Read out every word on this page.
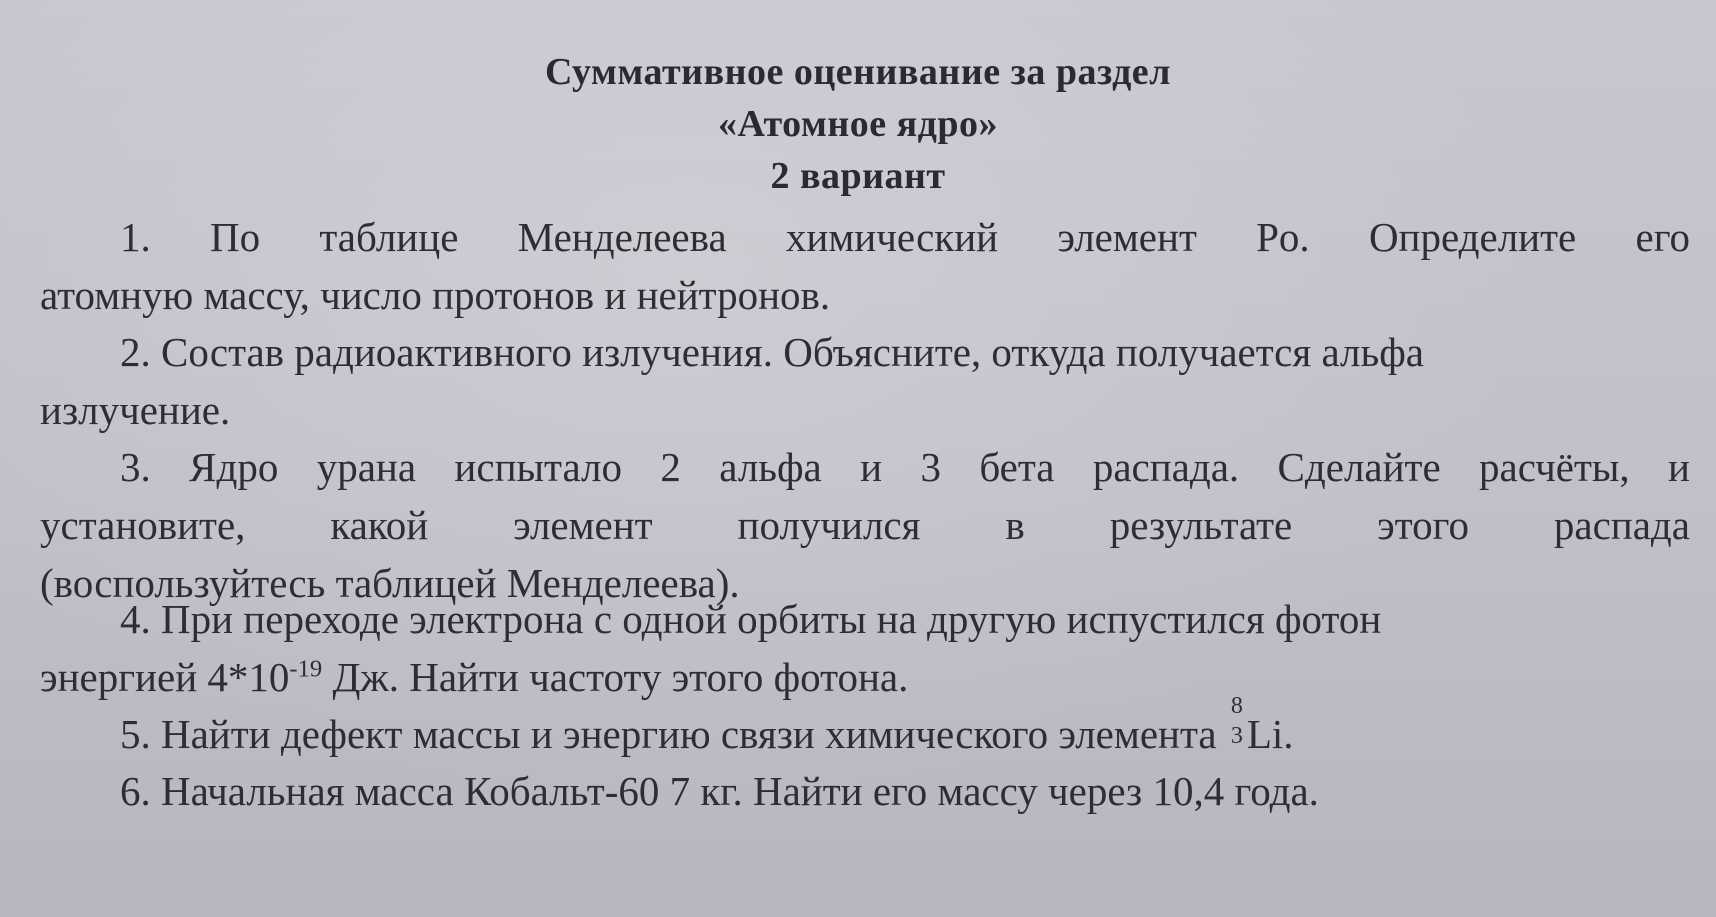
Суммативное оценивание за раздел
«Атомное ядро»
2 вариант
1. По таблице Менделеева химический элемент Po. Определите его
атомную массу, число протонов и нейтронов.
2. Состав радиоактивного излучения. Объясните, откуда получается альфа
излучение.
3. Ядро урана испытало 2 альфа и 3 бета распада. Сделайте расчёты, и
установите, какой элемент получился в результате этого распада
(воспользуйтесь таблицей Менделеева).
4. При переходе электрона с одной орбиты на другую испустился фотон
энергией $4*10^{-19}$ Дж. Найти частоту этого фотона.
5. Найти дефект массы и энергию связи химического элемента
8
3 Li.
6. Начальная масса Кобальт-60 7 кг. Найти его массу через 10,4 года.
